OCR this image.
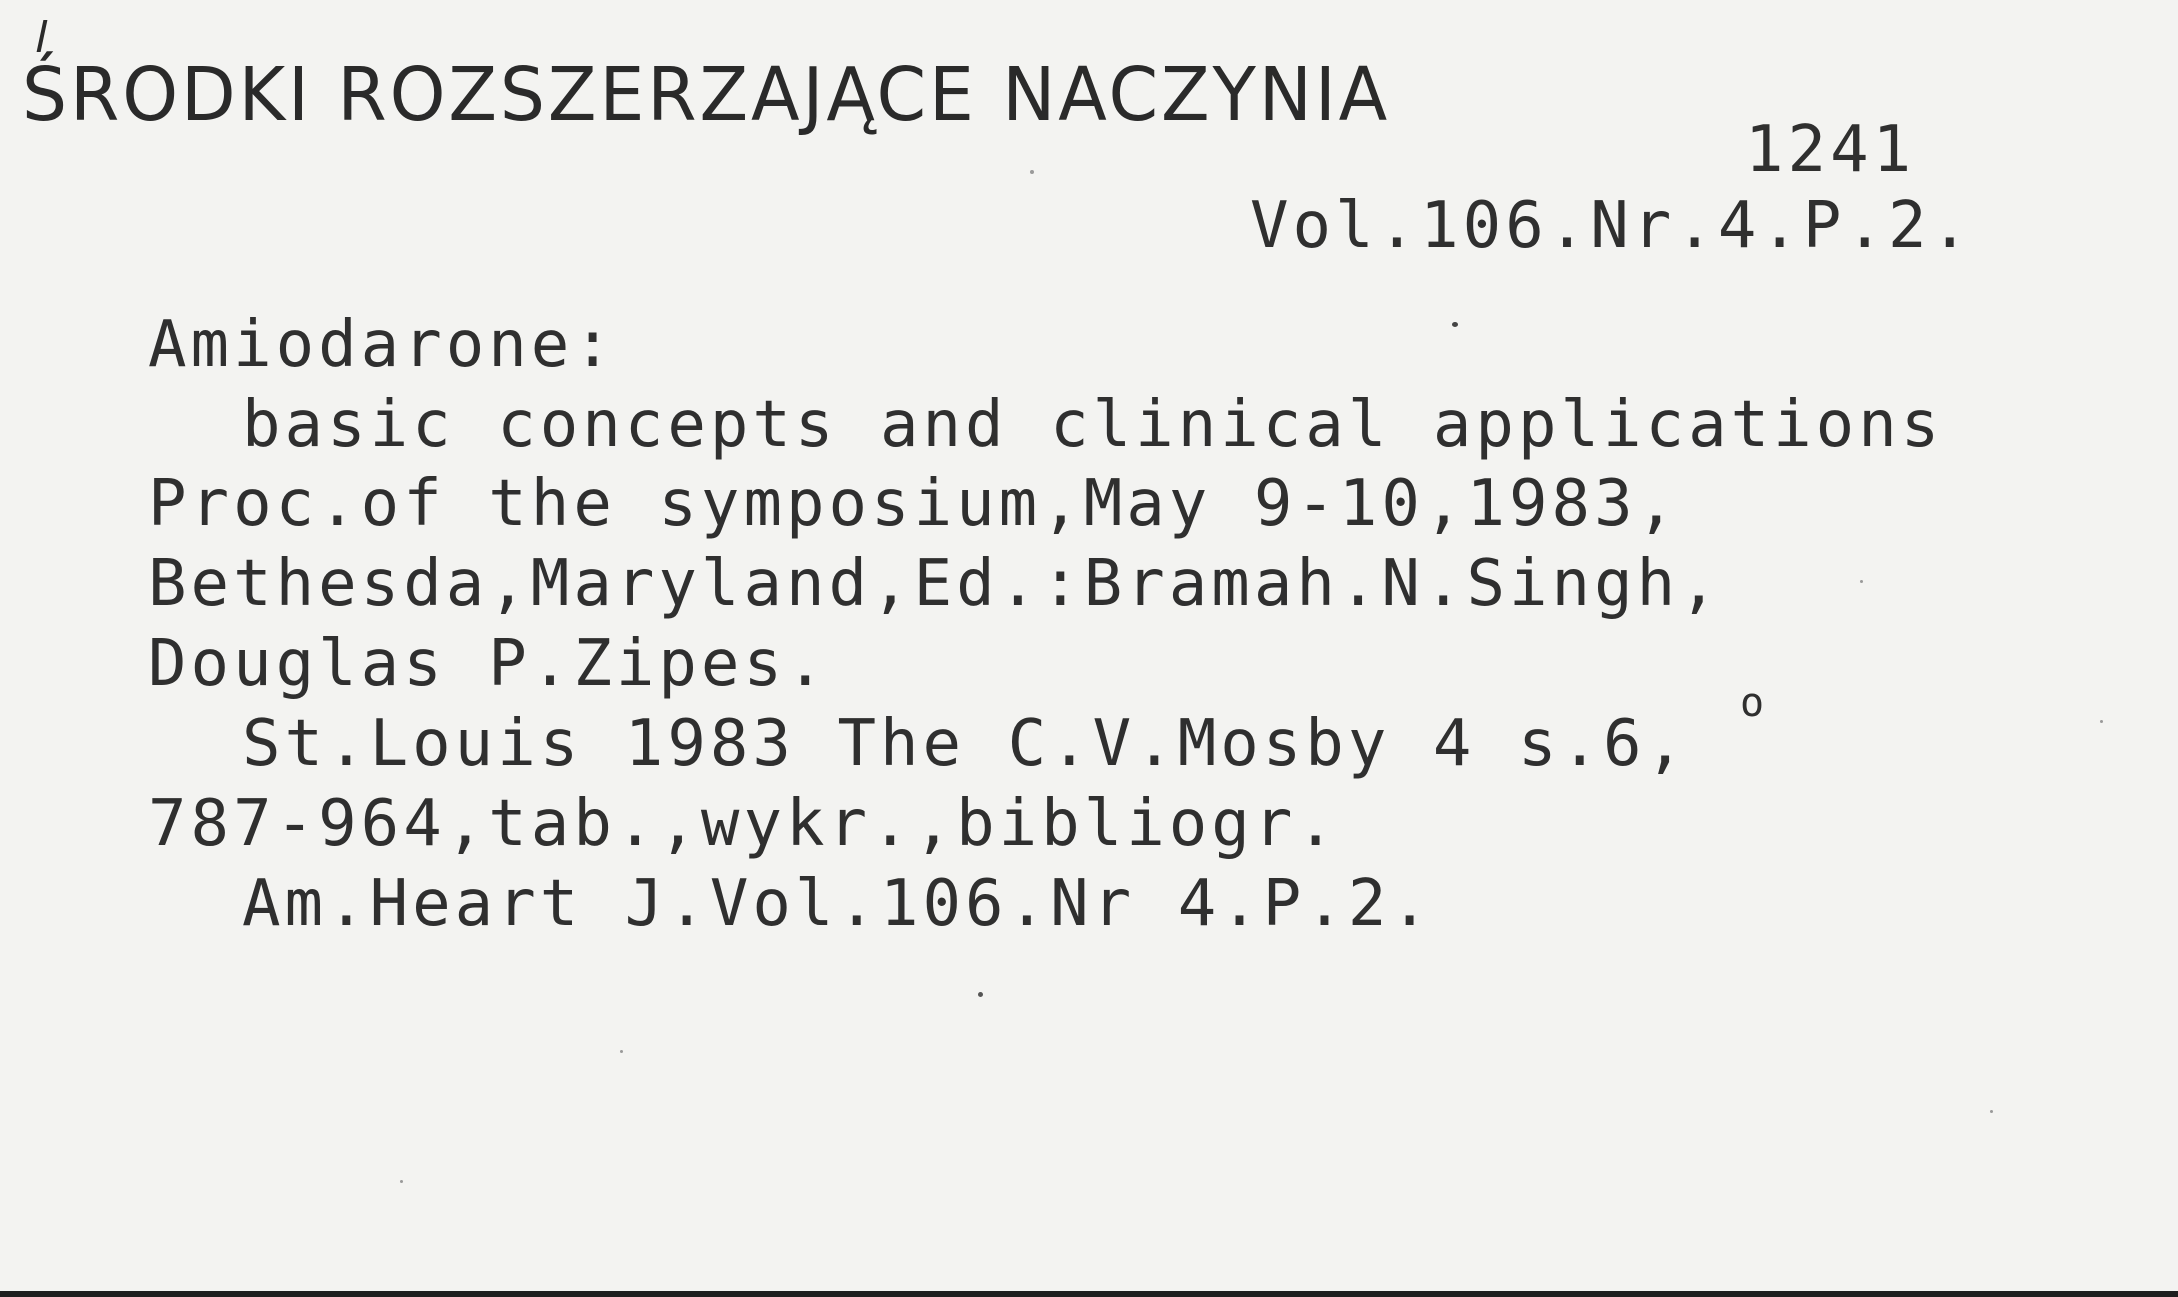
ŚRODKI ROZSZERZAJĄCE NACZYNIA
1241
Vol.106.Nr.4.P.2.
Amiodarone:
basic concepts and clinical applications
Proc.of the symposium,May 9-10,1983,
Bethesda,Maryland,Ed.:Bramah.N.Singh,
Douglas P.Zipes.
St.Louis 1983 The C.V.Mosby 4 s.6,
o
787-964,tab.,wykr.,bibliogr.
Am.Heart J.Vol.106.Nr 4.P.2.
